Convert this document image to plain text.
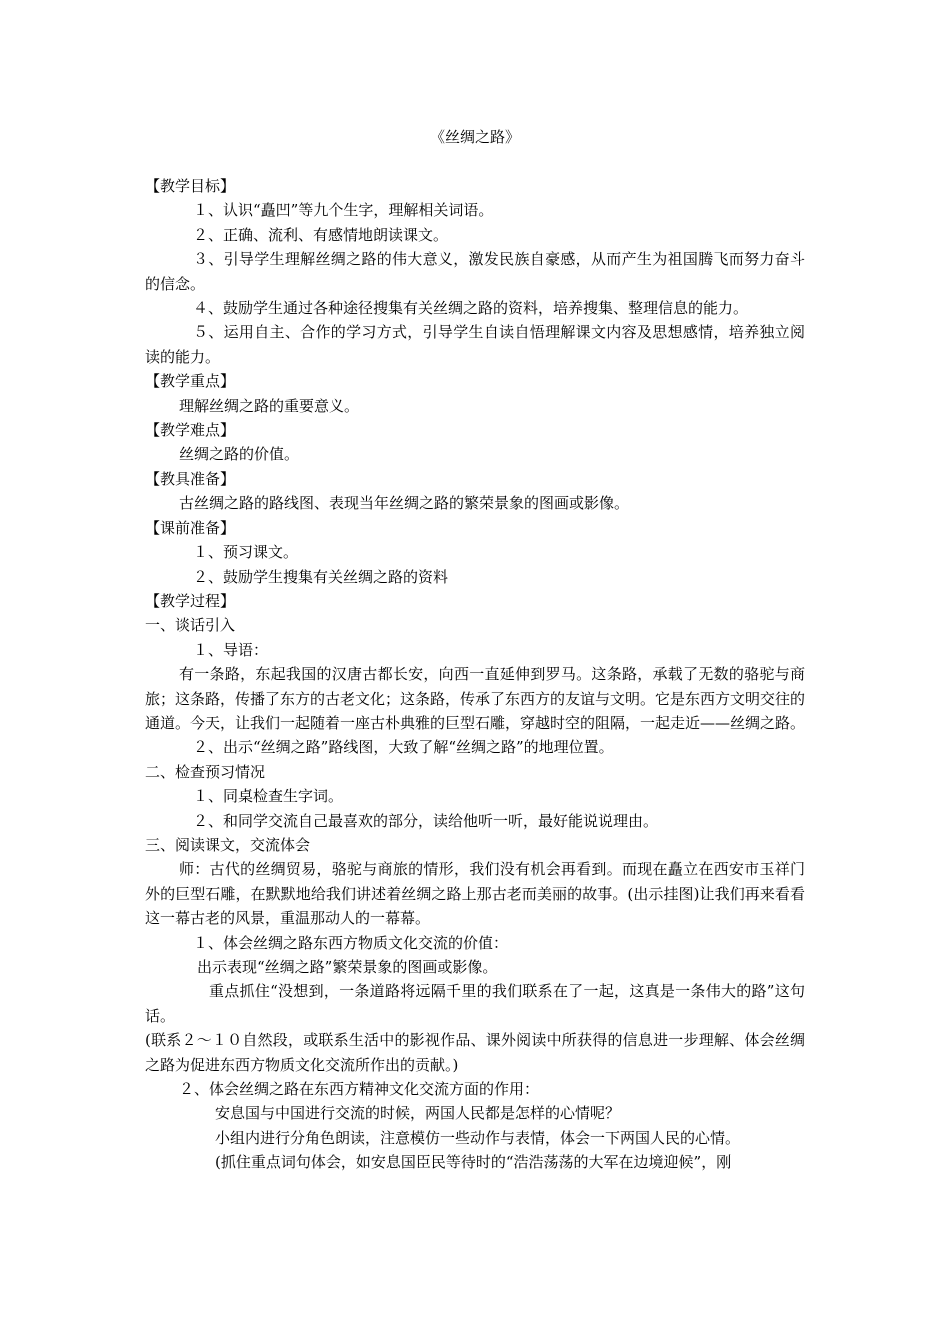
《丝绸之路》

【教学目标】

１、认识“矗凹”等九个生字，理解相关词语。

２、正确、流利、有感情地朗读课文。

３、引导学生理解丝绸之路的伟大意义，激发民族自豪感，从而产生为祖国腾飞而努力奋斗的信念。

４、鼓励学生通过各种途径搜集有关丝绸之路的资料，培养搜集、整理信息的能力。

５、运用自主、合作的学习方式，引导学生自读自悟理解课文内容及思想感情，培养独立阅读的能力。

【教学重点】

理解丝绸之路的重要意义。

【教学难点】

丝绸之路的价值。

【教具准备】

古丝绸之路的路线图、表现当年丝绸之路的繁荣景象的图画或影像。

【课前准备】

１、预习课文。

２、鼓励学生搜集有关丝绸之路的资料

【教学过程】

一、谈话引入

１、导语：

有一条路，东起我国的汉唐古都长安，向西一直延伸到罗马。这条路，承载了无数的骆驼与商旅；这条路，传播了东方的古老文化；这条路，传承了东西方的友谊与文明。它是东西方文明交往的通道。今天，让我们一起随着一座古朴典雅的巨型石雕，穿越时空的阻隔，一起走近——丝绸之路。

２、出示“丝绸之路”路线图，大致了解“丝绸之路”的地理位置。

二、检查预习情况

１、同桌检查生字词。

２、和同学交流自己最喜欢的部分，读给他听一听，最好能说说理由。

三、阅读课文，交流体会

师：古代的丝绸贸易，骆驼与商旅的情形，我们没有机会再看到。而现在矗立在西安市玉祥门外的巨型石雕，在默默地给我们讲述着丝绸之路上那古老而美丽的故事。(出示挂图)让我们再来看看这一幕古老的风景，重温那动人的一幕幕。

１、体会丝绸之路东西方物质文化交流的价值：

出示表现“丝绸之路”繁荣景象的图画或影像。

重点抓住“没想到，一条道路将远隔千里的我们联系在了一起，这真是一条伟大的路”这句话。

(联系２～１０自然段，或联系生活中的影视作品、课外阅读中所获得的信息进一步理解、体会丝绸之路为促进东西方物质文化交流所作出的贡献。)

２、体会丝绸之路在东西方精神文化交流方面的作用：

安息国与中国进行交流的时候，两国人民都是怎样的心情呢？

小组内进行分角色朗读，注意模仿一些动作与表情，体会一下两国人民的心情。

(抓住重点词句体会，如安息国臣民等待时的“浩浩荡荡的大军在边境迎候”，刚
